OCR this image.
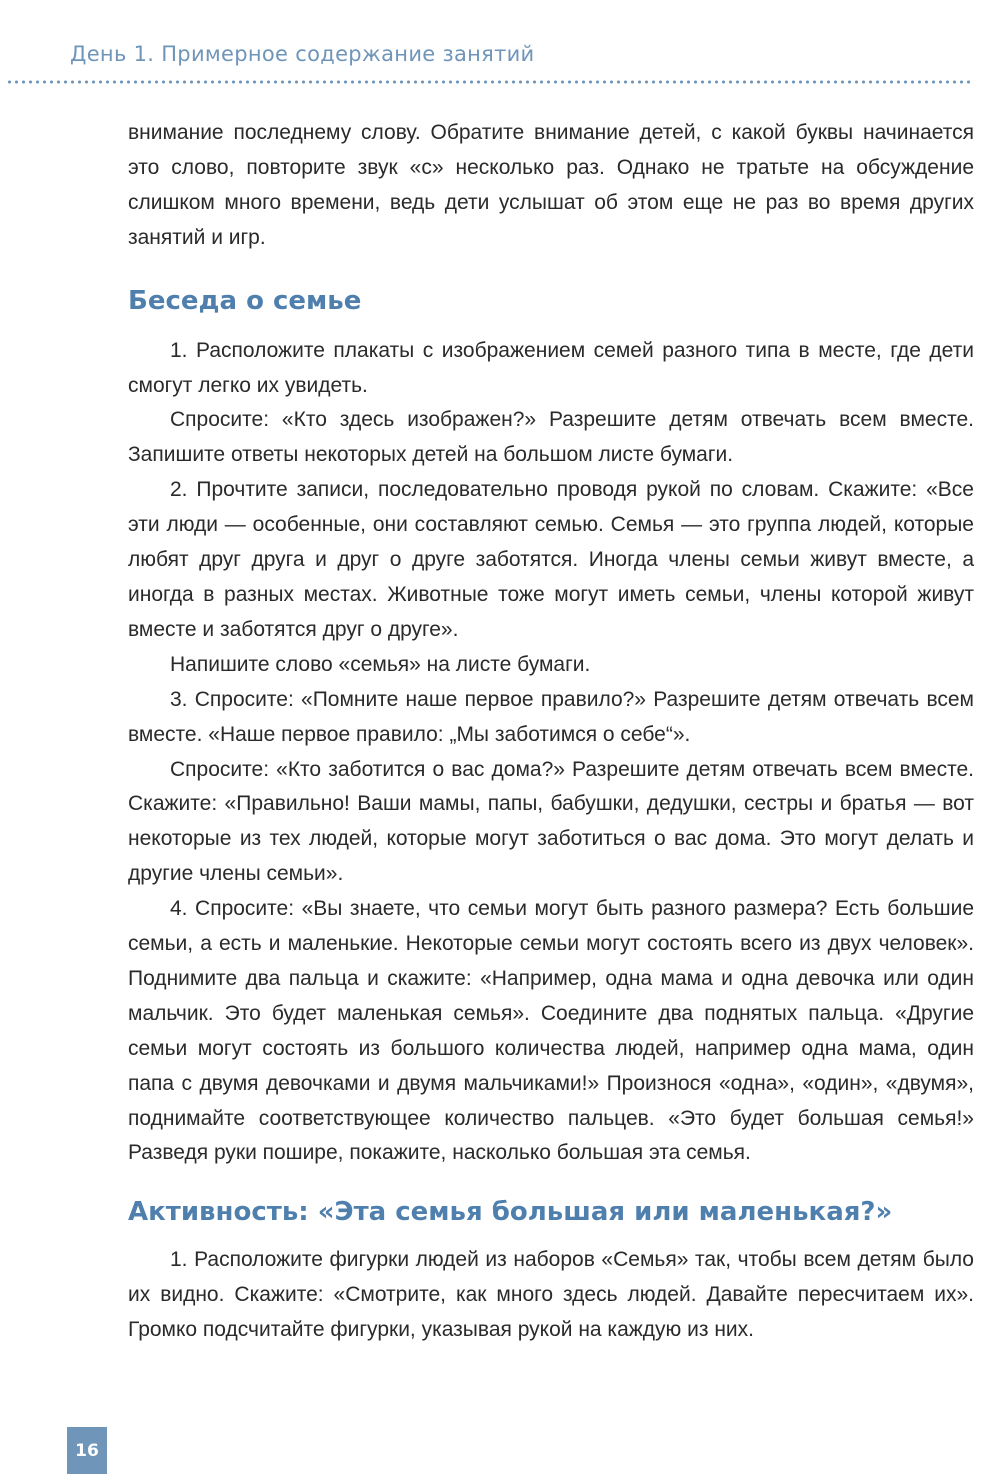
День 1. Примерное содержание занятий

внимание последнему слову. Обратите внимание детей, с какой буквы начинается это слово, повторите звук «с» несколько раз. Однако не тратьте на обсуждение слишком много времени, ведь дети услышат об этом еще не раз во время других занятий и игр.

Беседа о семье

1. Расположите плакаты с изображением семей разного типа в месте, где дети смогут легко их увидеть.

Спросите: «Кто здесь изображен?» Разрешите детям отвечать всем вместе. Запишите ответы некоторых детей на большом листе бумаги.

2. Прочтите записи, последовательно проводя рукой по словам. Скажите: «Все эти люди — особенные, они составляют семью. Семья — это группа людей, которые любят друг друга и друг о друге заботятся. Иногда члены семьи живут вместе, а иногда в разных местах. Животные тоже могут иметь семьи, члены которой живут вместе и заботятся друг о друге».

Напишите слово «семья» на листе бумаги.

3. Спросите: «Помните наше первое правило?» Разрешите детям отвечать всем вместе. «Наше первое правило: „Мы заботимся о себе“».

Спросите: «Кто заботится о вас дома?» Разрешите детям отвечать всем вместе. Скажите: «Правильно! Ваши мамы, папы, бабушки, дедушки, сестры и братья — вот некоторые из тех людей, которые могут заботиться о вас дома. Это могут делать и другие члены семьи».

4. Спросите: «Вы знаете, что семьи могут быть разного размера? Есть большие семьи, а есть и маленькие. Некоторые семьи могут состоять всего из двух человек». Поднимите два пальца и скажите: «Например, одна мама и одна девочка или один мальчик. Это будет маленькая семья». Соедините два поднятых пальца. «Другие семьи могут состоять из большого количества людей, например одна мама, один папа с двумя девочками и двумя мальчиками!» Произнося «одна», «один», «двумя», поднимайте соответствующее количество пальцев. «Это будет большая семья!» Разведя руки пошире, покажите, насколько большая эта семья.

Активность: «Эта семья большая или маленькая?»

1. Расположите фигурки людей из наборов «Семья» так, чтобы всем детям было их видно. Скажите: «Смотрите, как много здесь людей. Давайте пересчитаем их». Громко подсчитайте фигурки, указывая рукой на каждую из них.

16
